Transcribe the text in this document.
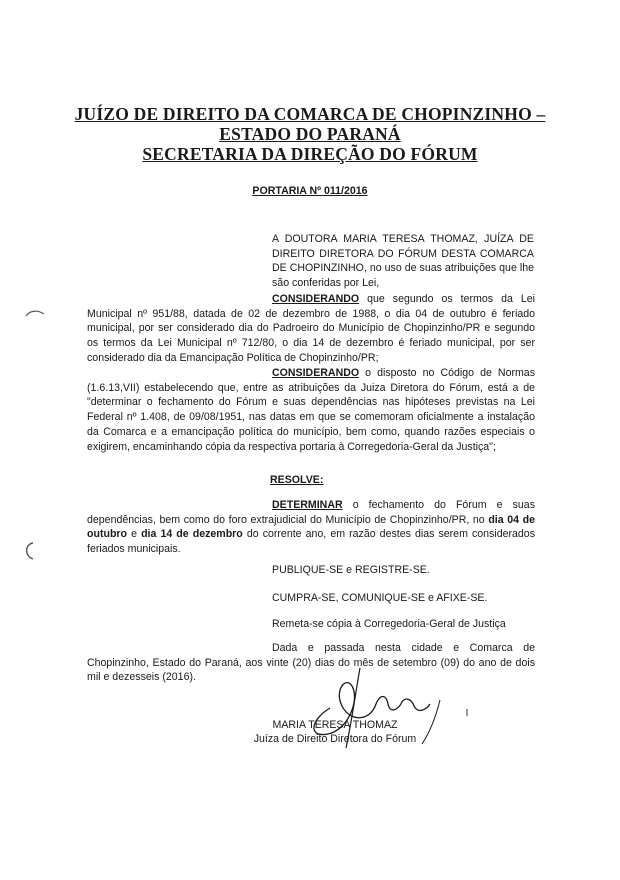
JUÍZO DE DIREITO DA COMARCA DE CHOPINZINHO –
ESTADO DO PARANÁ
SECRETARIA DA DIREÇÃO DO FÓRUM
PORTARIA Nº 011/2016
A DOUTORA MARIA TERESA THOMAZ, JUÍZA DE DIREITO DIRETORA DO FÓRUM DESTA COMARCA DE CHOPINZINHO, no uso de suas atribuições que lhe são conferidas por Lei,

CONSIDERANDO que segundo os termos da Lei Municipal nº 951/88, datada de 02 de dezembro de 1988, o dia 04 de outubro é feriado municipal, por ser considerado dia do Padroeiro do Município de Chopinzinho/PR e segundo os termos da Lei Municipal nº 712/80, o dia 14 de dezembro é feriado municipal, por ser considerado dia da Emancipação Política de Chopinzinho/PR;

CONSIDERANDO o disposto no Código de Normas (1.6.13,VII) estabelecendo que, entre as atribuições da Juiza Diretora do Fórum, está a de "determinar o fechamento do Fórum e suas dependências nas hipóteses previstas na Lei Federal nº 1.408, de 09/08/1951, nas datas em que se comemoram oficialmente a instalação da Comarca e a emancipação política do município, bem como, quando razões especiais o exigirem, encaminhando cópia da respectiva portaria à Corregedoria-Geral da Justiça";

RESOLVE:

DETERMINAR o fechamento do Fórum e suas dependências, bem como do foro extrajudicial do Município de Chopinzinho/PR, no dia 04 de outubro e dia 14 de dezembro do corrente ano, em razão destes dias serem considerados feriados municipais.

PUBLIQUE-SE e REGISTRE-SE.
CUMPRA-SE, COMUNIQUE-SE e AFIXE-SE.
Remeta-se cópia à Corregedoria-Geral de Justiça

Dada e passada nesta cidade e Comarca de Chopinzinho, Estado do Paraná, aos vinte (20) dias do mês de setembro (09) do ano de dois mil e dezesseis (2016).

MARIA TERESA THOMAZ
Juíza de Direito Diretora do Fórum
